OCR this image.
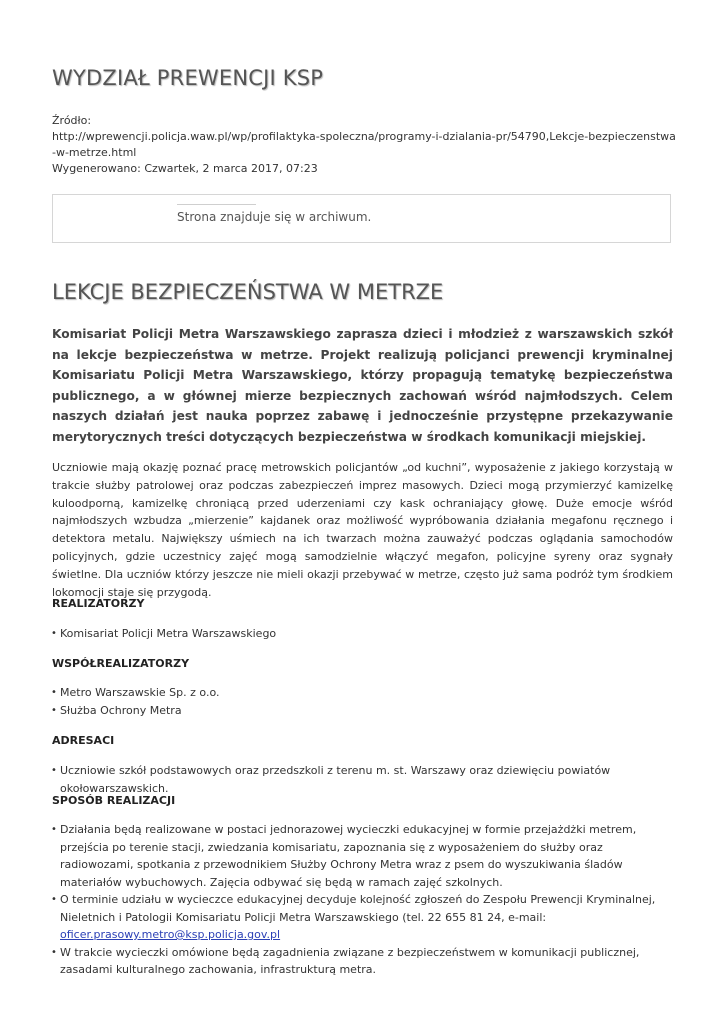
WYDZIAŁ PREWENCJI KSP
Źródło:
http://wprewencji.policja.waw.pl/wp/profilaktyka-spoleczna/programy-i-dzialania-pr/54790,Lekcje-bezpieczenstwa-w-metrze.html
Wygenerowano: Czwartek, 2 marca 2017, 07:23
Strona znajduje się w archiwum.
LEKCJE BEZPIECZEŃSTWA W METRZE

Komisariat Policji Metra Warszawskiego zaprasza dzieci i młodzież z warszawskich szkół na lekcje bezpieczeństwa w metrze. Projekt realizują policjanci prewencji kryminalnej Komisariatu Policji Metra Warszawskiego, którzy propagują tematykę bezpieczeństwa publicznego, a w głównej mierze bezpiecznych zachowań wśród najmłodszych. Celem naszych działań jest nauka poprzez zabawę i jednocześnie przystępne przekazywanie merytorycznych treści dotyczących bezpieczeństwa w środkach komunikacji miejskiej.

Uczniowie mają okazję poznać pracę metrowskich policjantów „od kuchni”, wyposażenie z jakiego korzystają w trakcie służby patrolowej oraz podczas zabezpieczeń imprez masowych. Dzieci mogą przymierzyć kamizelkę kuloodporną, kamizelkę chroniącą przed uderzeniami czy kask ochraniający głowę. Duże emocje wśród najmłodszych wzbudza „mierzenie” kajdanek oraz możliwość wypróbowania działania megafonu ręcznego i detektora metalu. Największy uśmiech na ich twarzach można zauważyć podczas oglądania samochodów policyjnych, gdzie uczestnicy zajęć mogą samodzielnie włączyć megafon, policyjne syreny oraz sygnały świetlne. Dla uczniów którzy jeszcze nie mieli okazji przebywać w metrze, często już sama podróż tym środkiem lokomocji staje się przygodą.

REALIZATORZY
• Komisariat Policji Metra Warszawskiego
WSPÓŁREALIZATORZY
• Metro Warszawskie Sp. z o.o.
• Służba Ochrony Metra
ADRESACI
• Uczniowie szkół podstawowych oraz przedszkoli z terenu m. st. Warszawy oraz dziewięciu powiatów okołowarszawskich.
SPOSÓB REALIZACJI
• Działania będą realizowane w postaci jednorazowej wycieczki edukacyjnej w formie przejażdżki metrem, przejścia po terenie stacji, zwiedzania komisariatu, zapoznania się z wyposażeniem do służby oraz radiowozami, spotkania z przewodnikiem Służby Ochrony Metra wraz z psem do wyszukiwania śladów materiałów wybuchowych. Zajęcia odbywać się będą w ramach zajęć szkolnych.
• O terminie udziału w wycieczce edukacyjnej decyduje kolejność zgłoszeń do Zespołu Prewencji Kryminalnej, Nieletnich i Patologii Komisariatu Policji Metra Warszawskiego (tel. 22 655 81 24, e-mail: oficer.prasowy.metro@ksp.policja.gov.pl
• W trakcie wycieczki omówione będą zagadnienia związane z bezpieczeństwem w komunikacji publicznej, zasadami kulturalnego zachowania, infrastrukturą metra.
